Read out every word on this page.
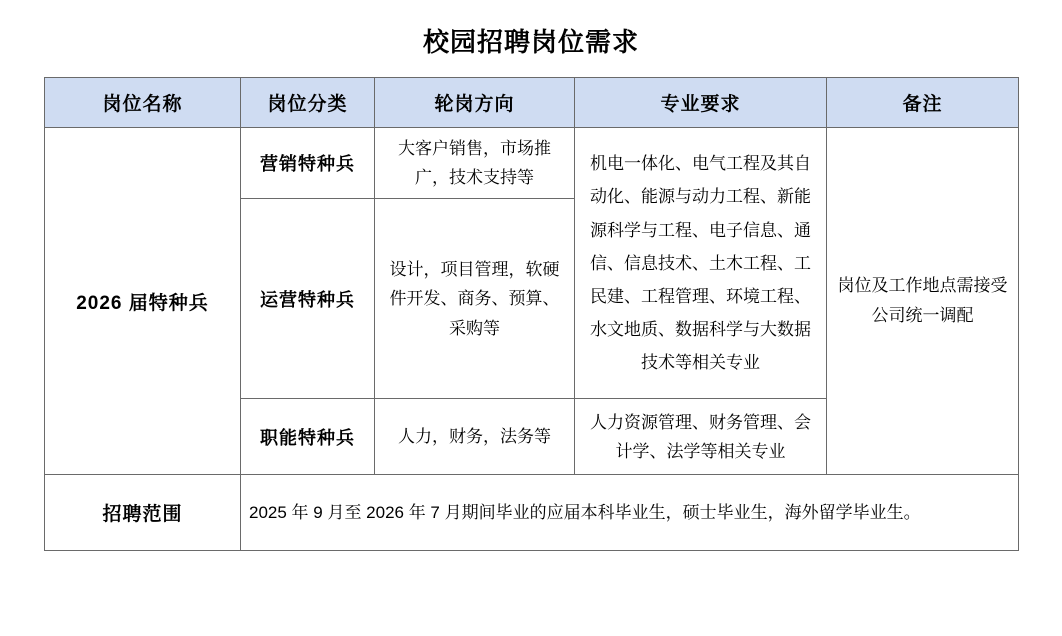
校园招聘岗位需求
岗位名称	岗位分类	轮岗方向	专业要求	备注
2026 届特种兵	营销特种兵	大客户销售，市场推广，技术支持等	机电一体化、电气工程及其自动化、能源与动力工程、新能源科学与工程、电子信息、通信、信息技术、土木工程、工民建、工程管理、环境工程、水文地质、数据科学与大数据技术等相关专业	岗位及工作地点需接受公司统一调配
	运营特种兵	设计，项目管理，软硬件开发、商务、预算、采购等		
	职能特种兵	人力，财务，法务等	人力资源管理、财务管理、会计学、法学等相关专业	
招聘范围	2025 年 9 月至 2026 年 7 月期间毕业的应届本科毕业生，硕士毕业生，海外留学毕业生。			
